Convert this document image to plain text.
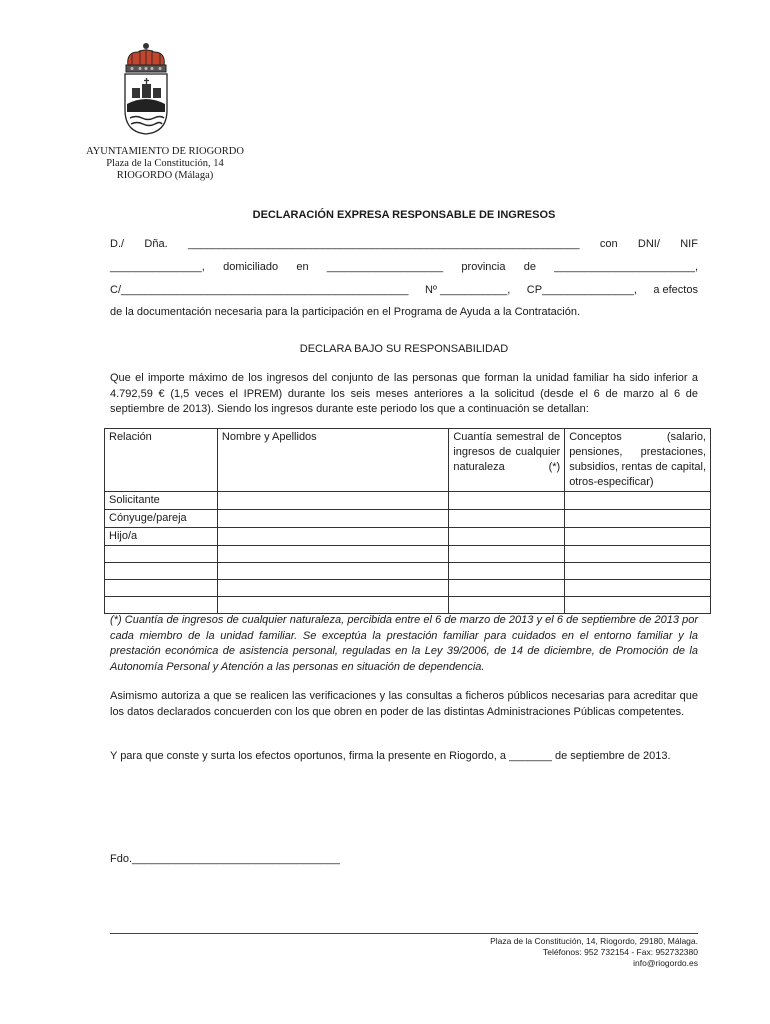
AYUNTAMIENTO DE RIOGORDO
Plaza de la Constitución, 14
RIOGORDO (Málaga)
DECLARACIÓN EXPRESA RESPONSABLE DE INGRESOS
D./ Dña. ________________________________________________________________ con DNI/ NIF
_______________, domiciliado en ___________________ provincia de _______________________,
C/_______________________________________________ Nº ___________, CP_______________, a efectos
de la documentación necesaria para la participación en el Programa de Ayuda a la Contratación.
DECLARA BAJO SU RESPONSABILIDAD
Que el importe máximo de los ingresos del conjunto de las personas que forman la unidad familiar ha sido inferior a 4.792,59 € (1,5 veces el IPREM) durante los seis meses anteriores a la solicitud (desde el 6 de marzo al 6 de septiembre de 2013). Siendo los ingresos durante este periodo los que a continuación se detallan:
Relación	Nombre y Apellidos	Cuantía semestral de ingresos de cualquier naturaleza (*)	Conceptos (salario, pensiones, prestaciones, subsidios, rentas de capital, otros-especificar)
Solicitante			
Cónyuge/pareja			
Hijo/a			

(*) Cuantía de ingresos de cualquier naturaleza, percibida entre el 6 de marzo de 2013 y el 6 de septiembre de 2013 por cada miembro de la unidad familiar. Se exceptúa la prestación familiar para cuidados en el entorno familiar y la prestación económica de asistencia personal, reguladas en la Ley 39/2006, de 14 de diciembre, de Promoción de la Autonomía Personal y Atención a las personas en situación de dependencia.
Asimismo autoriza a que se realicen las verificaciones y las consultas a ficheros públicos necesarias para acreditar que los datos declarados concuerden con los que obren en poder de las distintas Administraciones Públicas competentes.
Y para que conste y surta los efectos oportunos, firma la presente en Riogordo, a _______ de septiembre de 2013.
Fdo.__________________________________
Plaza de la Constitución, 14, Riogordo, 29180, Málaga.
Teléfonos: 952 732154 - Fax: 952732380
info@riogordo.es
